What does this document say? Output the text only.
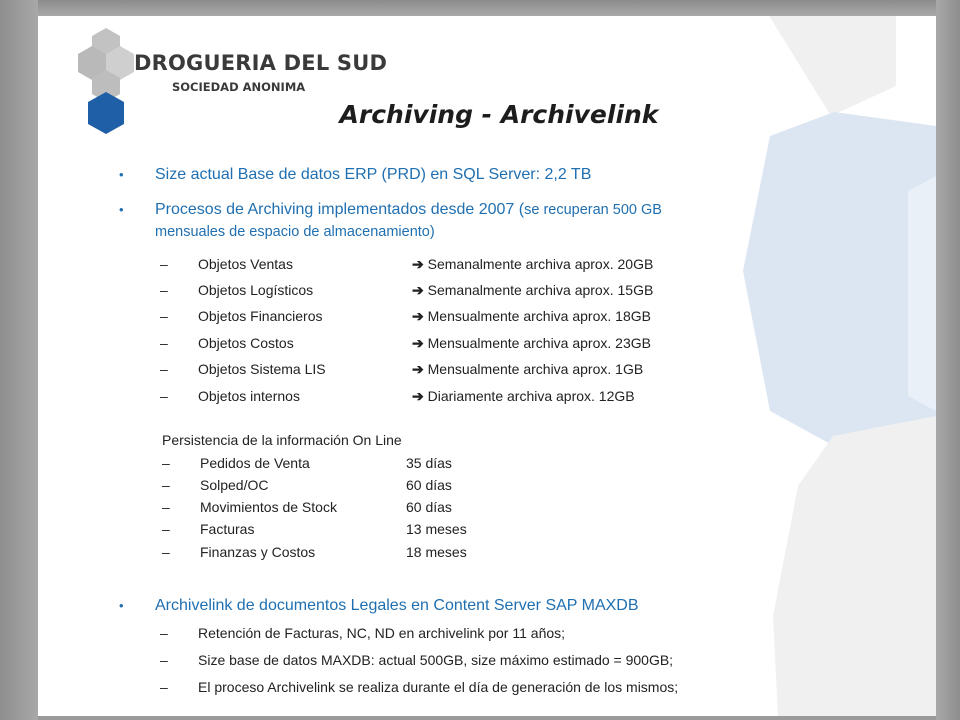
DROGUERIA DEL SUD
SOCIEDAD ANONIMA
Archiving - Archivelink
• Size actual Base de datos ERP (PRD) en SQL Server: 2,2 TB
• Procesos de Archiving implementados desde 2007 (se recuperan 500 GB
mensuales de espacio de almacenamiento)
– Objetos Ventas	➔ Semanalmente archiva aprox. 20GB
– Objetos Logísticos	➔ Semanalmente archiva aprox. 15GB
– Objetos Financieros	➔ Mensualmente archiva aprox. 18GB
– Objetos Costos	➔ Mensualmente archiva aprox. 23GB
– Objetos Sistema LIS	➔ Mensualmente archiva aprox. 1GB
– Objetos internos	➔ Diariamente archiva aprox. 12GB
Persistencia de la información On Line
– Pedidos de Venta	35 días
– Solped/OC	60 días
– Movimientos de Stock	60 días
– Facturas	13 meses
– Finanzas y Costos	18 meses
• Archivelink de documentos Legales en Content Server SAP MAXDB
– Retención de Facturas, NC, ND en archivelink por 11 años;
– Size base de datos MAXDB: actual 500GB, size máximo estimado = 900GB;
– El proceso Archivelink se realiza durante el día de generación de los mismos;
